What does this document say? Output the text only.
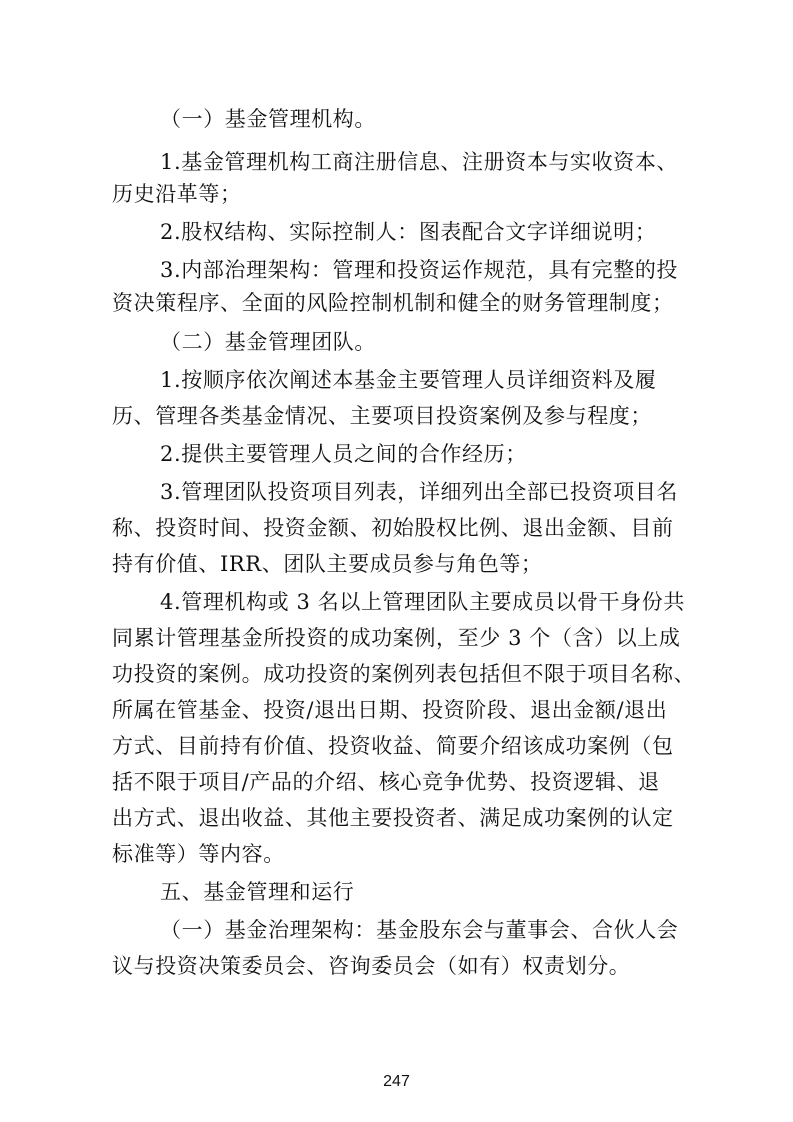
（一）基金管理机构。
1.基金管理机构工商注册信息、注册资本与实收资本、
历史沿革等；
2.股权结构、实际控制人：图表配合文字详细说明；
3.内部治理架构：管理和投资运作规范，具有完整的投
资决策程序、全面的风险控制机制和健全的财务管理制度；
（二）基金管理团队。
1.按顺序依次阐述本基金主要管理人员详细资料及履
历、管理各类基金情况、主要项目投资案例及参与程度；
2.提供主要管理人员之间的合作经历；
3.管理团队投资项目列表，详细列出全部已投资项目名
称、投资时间、投资金额、初始股权比例、退出金额、目前
持有价值、IRR、团队主要成员参与角色等；
4.管理机构或 3 名以上管理团队主要成员以骨干身份共
同累计管理基金所投资的成功案例，至少 3 个（含）以上成
功投资的案例。成功投资的案例列表包括但不限于项目名称、
所属在管基金、投资/退出日期、投资阶段、退出金额/退出
方式、目前持有价值、投资收益、简要介绍该成功案例（包
括不限于项目/产品的介绍、核心竞争优势、投资逻辑、退
出方式、退出收益、其他主要投资者、满足成功案例的认定
标准等）等内容。
五、基金管理和运行
（一）基金治理架构：基金股东会与董事会、合伙人会
议与投资决策委员会、咨询委员会（如有）权责划分。
247
